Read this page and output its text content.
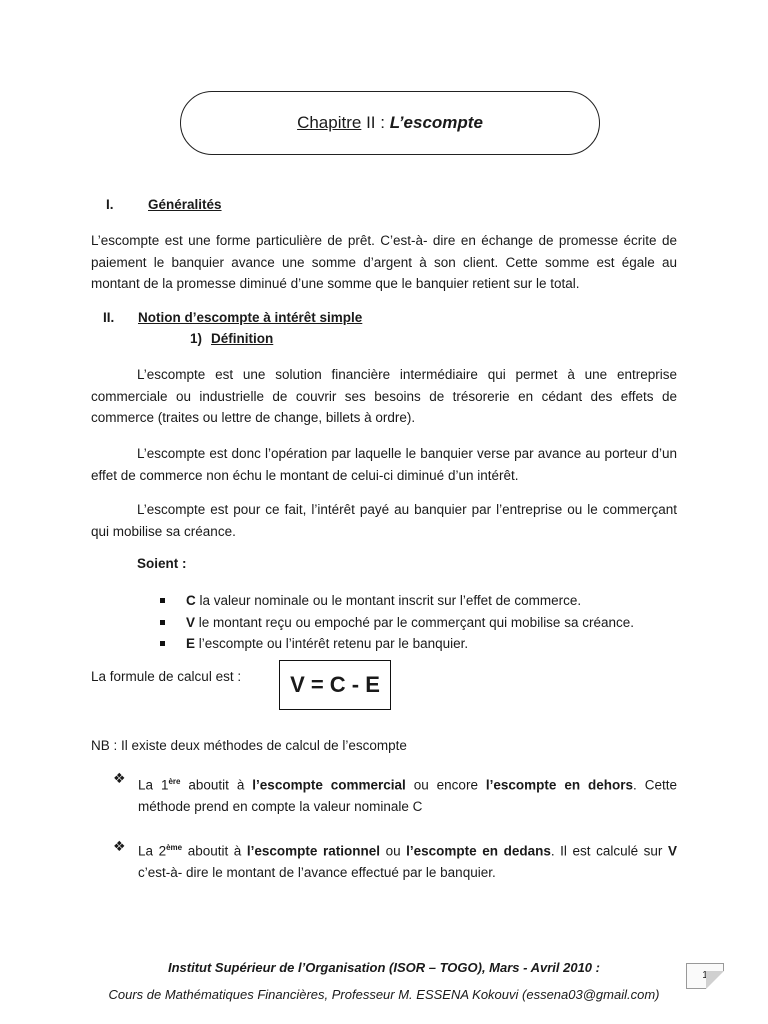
Chapitre II : L’escompte
I.	Généralités
L’escompte est une forme particulière de prêt. C’est-à- dire en échange de promesse écrite de paiement le banquier avance une somme d’argent à son client. Cette somme est égale au montant de la promesse diminué d’une somme que le banquier retient sur le total.
II. Notion d’escompte à intérêt simple
1) Définition
L’escompte est une solution financière intermédiaire qui permet à une entreprise commerciale ou industrielle de couvrir ses besoins de trésorerie en cédant des effets de commerce (traites ou lettre de change, billets à ordre).
L’escompte est donc l’opération par laquelle le banquier verse par avance au porteur d’un effet de commerce non échu le montant de celui-ci diminué d’un intérêt.
L’escompte est pour ce fait, l’intérêt payé au banquier par l’entreprise ou le commerçant qui mobilise sa créance.
Soient :
C la valeur nominale ou le montant inscrit sur l’effet de commerce.
V le montant reçu ou empoché par le commerçant qui mobilise sa créance.
E l’escompte ou l’intérêt retenu par le banquier.
La formule de calcul est :	V = C - E
NB : Il existe deux méthodes de calcul de l’escompte
❖ La 1ère aboutit à l’escompte commercial ou encore l’escompte en dehors. Cette méthode prend en compte la valeur nominale C
❖ La 2ème aboutit à l’escompte rationnel ou l’escompte en dedans. Il est calculé sur V c’est-à- dire le montant de l’avance effectué par le banquier.
Institut Supérieur de l’Organisation (ISOR – TOGO), Mars - Avril 2010 :
Cours de Mathématiques Financières, Professeur M. ESSENA Kokouvi (essena03@gmail.com)
1
